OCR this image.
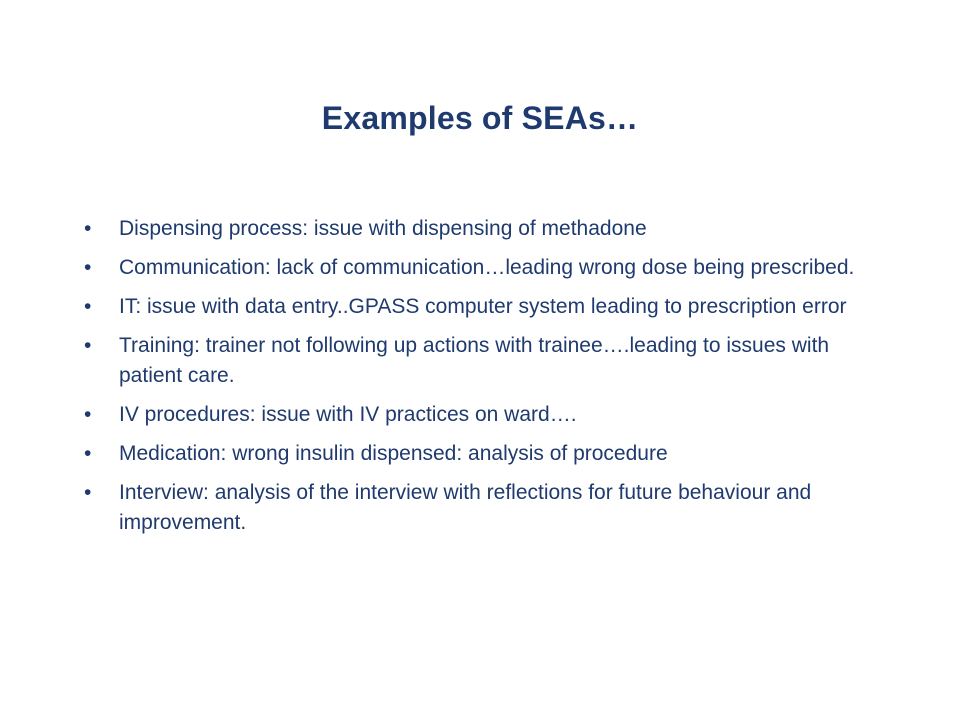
Examples of SEAs…
•	Dispensing process: issue with dispensing of methadone
•	Communication: lack of communication…leading wrong dose being prescribed.
•	IT: issue with data entry..GPASS computer system leading to prescription error
•	Training: trainer not following up actions with trainee….leading to issues with patient care.
•	IV procedures: issue with IV practices on ward….
•	Medication: wrong insulin dispensed: analysis of procedure
•	Interview: analysis of the interview with reflections for future behaviour and improvement.
